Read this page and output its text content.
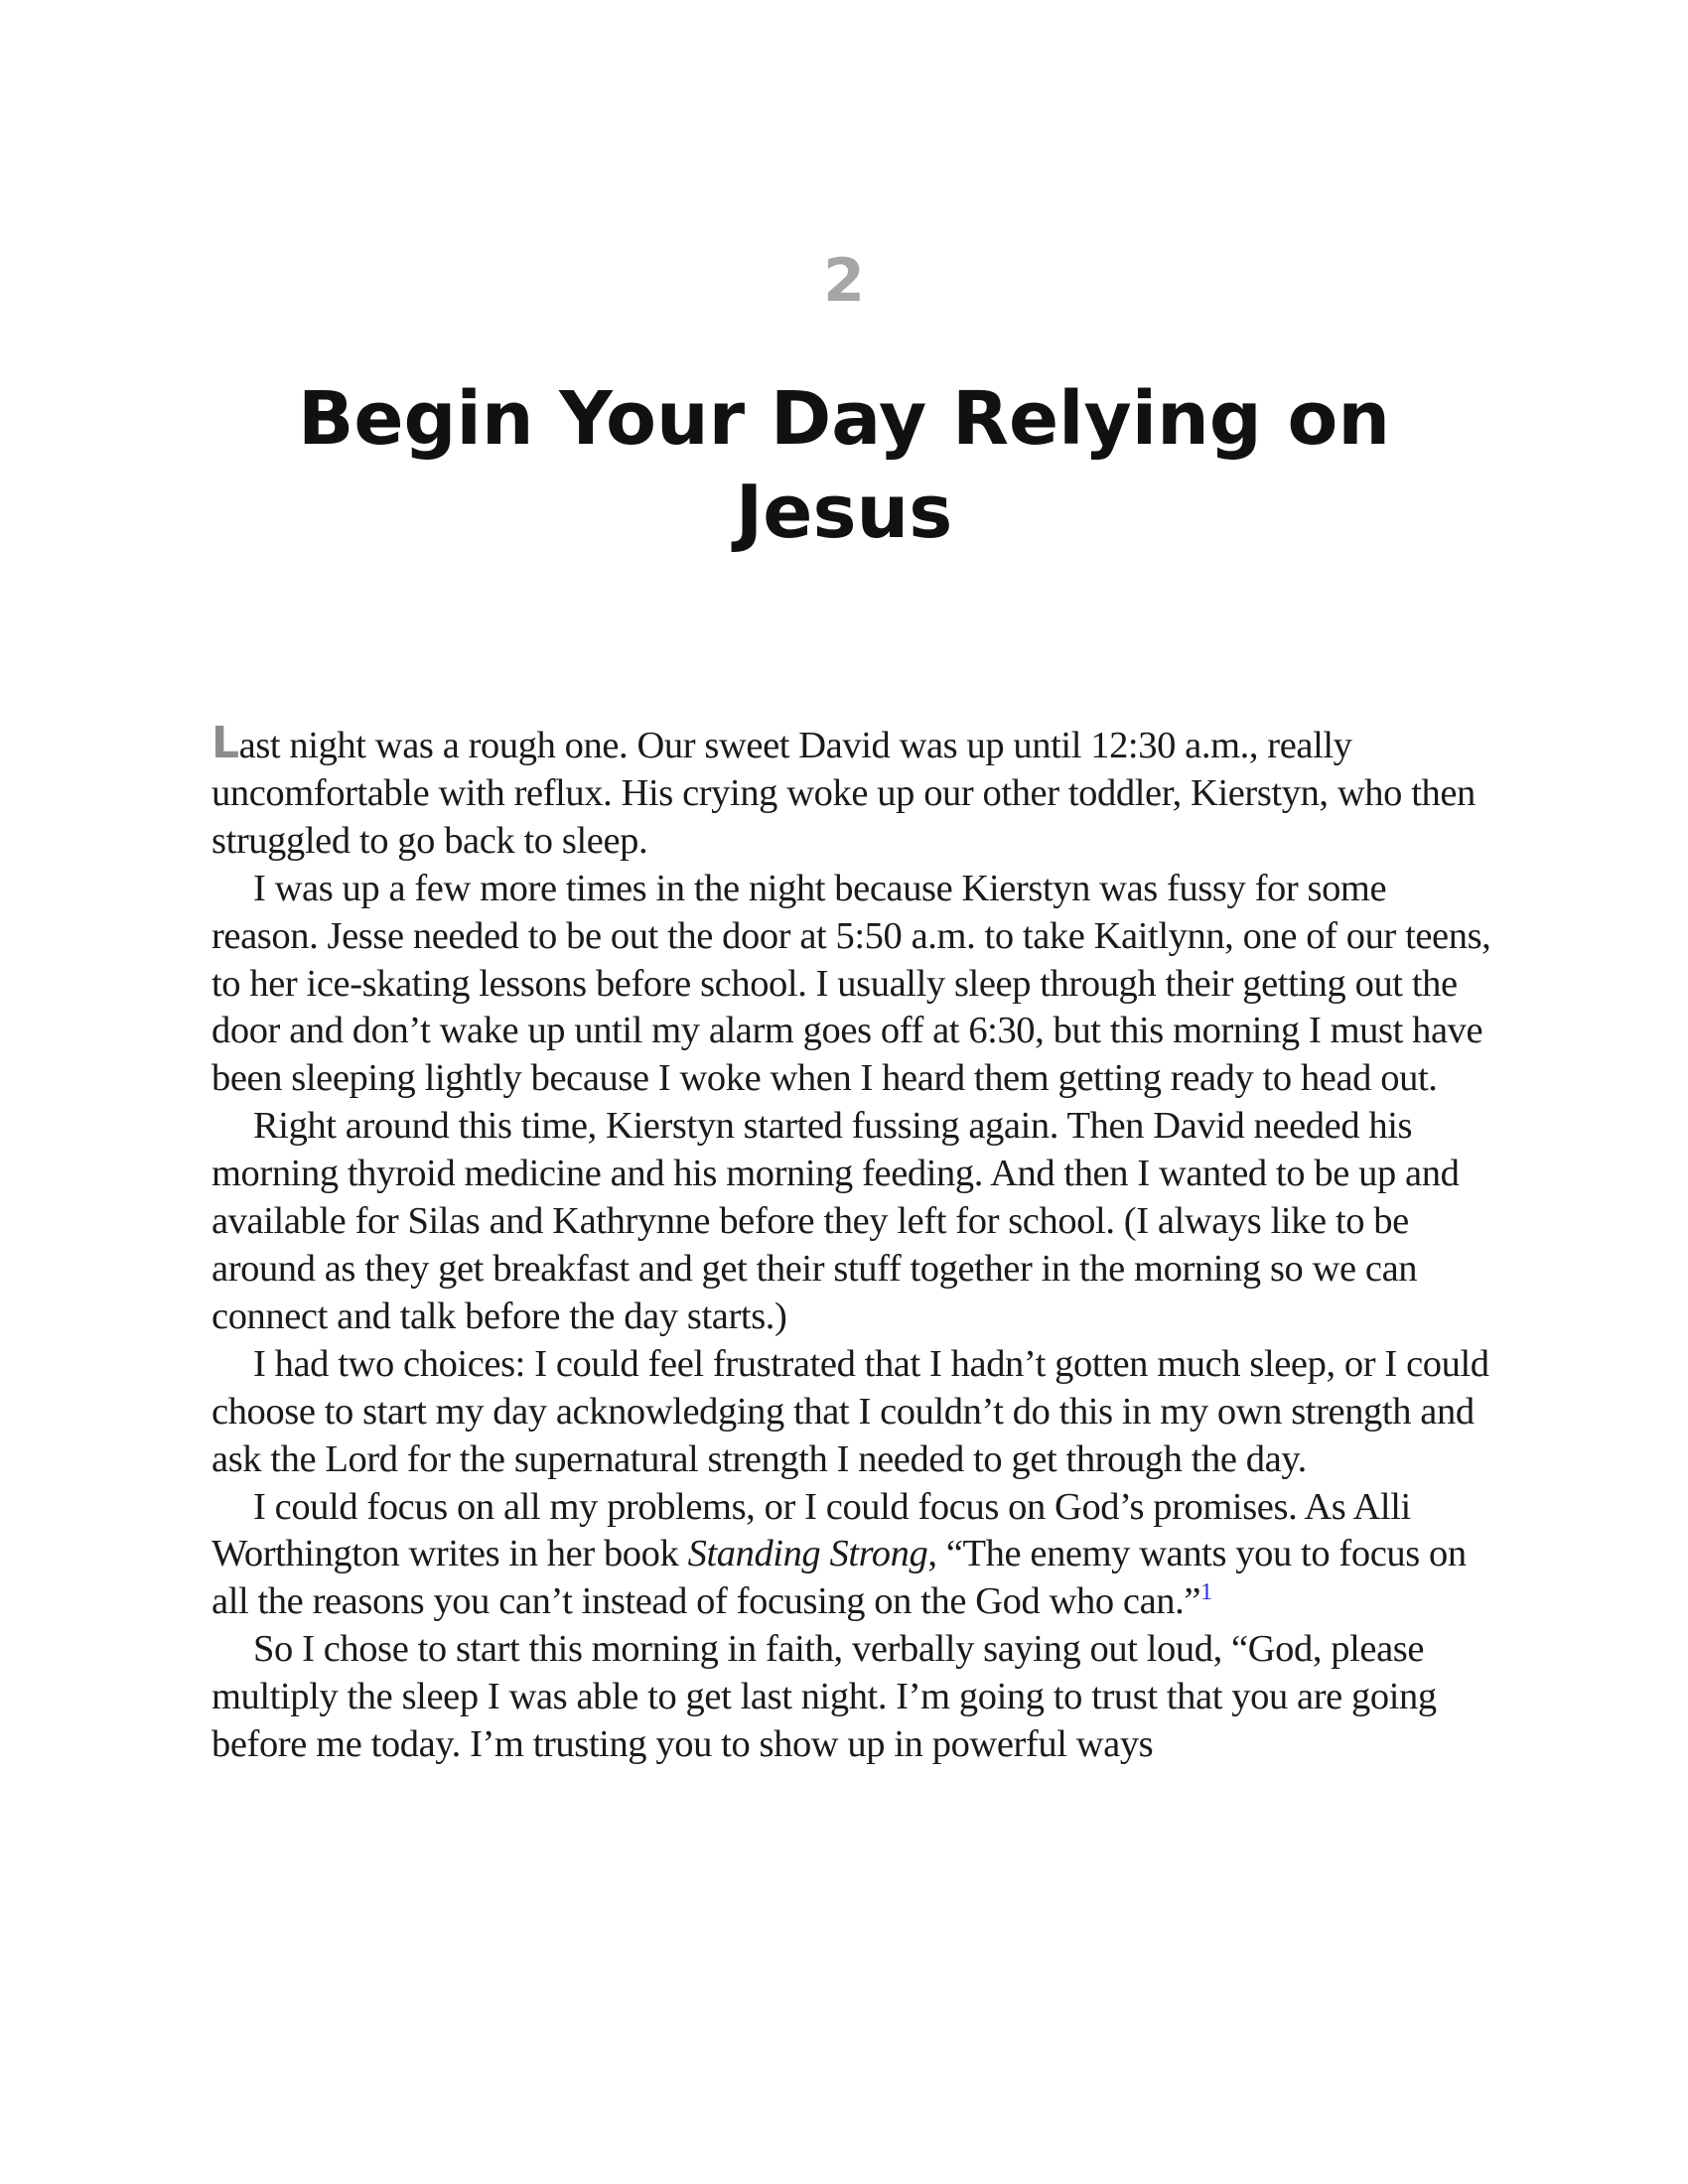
2
Begin Your Day Relying on Jesus

Last night was a rough one. Our sweet David was up until 12:30 a.m., really uncomfortable with reflux. His crying woke up our other toddler, Kierstyn, who then struggled to go back to sleep.

I was up a few more times in the night because Kierstyn was fussy for some reason. Jesse needed to be out the door at 5:50 a.m. to take Kaitlynn, one of our teens, to her ice-skating lessons before school. I usually sleep through their getting out the door and don’t wake up until my alarm goes off at 6:30, but this morning I must have been sleeping lightly because I woke when I heard them getting ready to head out.

Right around this time, Kierstyn started fussing again. Then David needed his morning thyroid medicine and his morning feeding. And then I wanted to be up and available for Silas and Kathrynne before they left for school. (I always like to be around as they get breakfast and get their stuff together in the morning so we can connect and talk before the day starts.)

I had two choices: I could feel frustrated that I hadn’t gotten much sleep, or I could choose to start my day acknowledging that I couldn’t do this in my own strength and ask the Lord for the supernatural strength I needed to get through the day.

I could focus on all my problems, or I could focus on God’s promises. As Alli Worthington writes in her book Standing Strong, “The enemy wants you to focus on all the reasons you can’t instead of focusing on the God who can.”$^1$

So I chose to start this morning in faith, verbally saying out loud, “God, please multiply the sleep I was able to get last night. I’m going to trust that you are going before me today. I’m trusting you to show up in powerful ways
